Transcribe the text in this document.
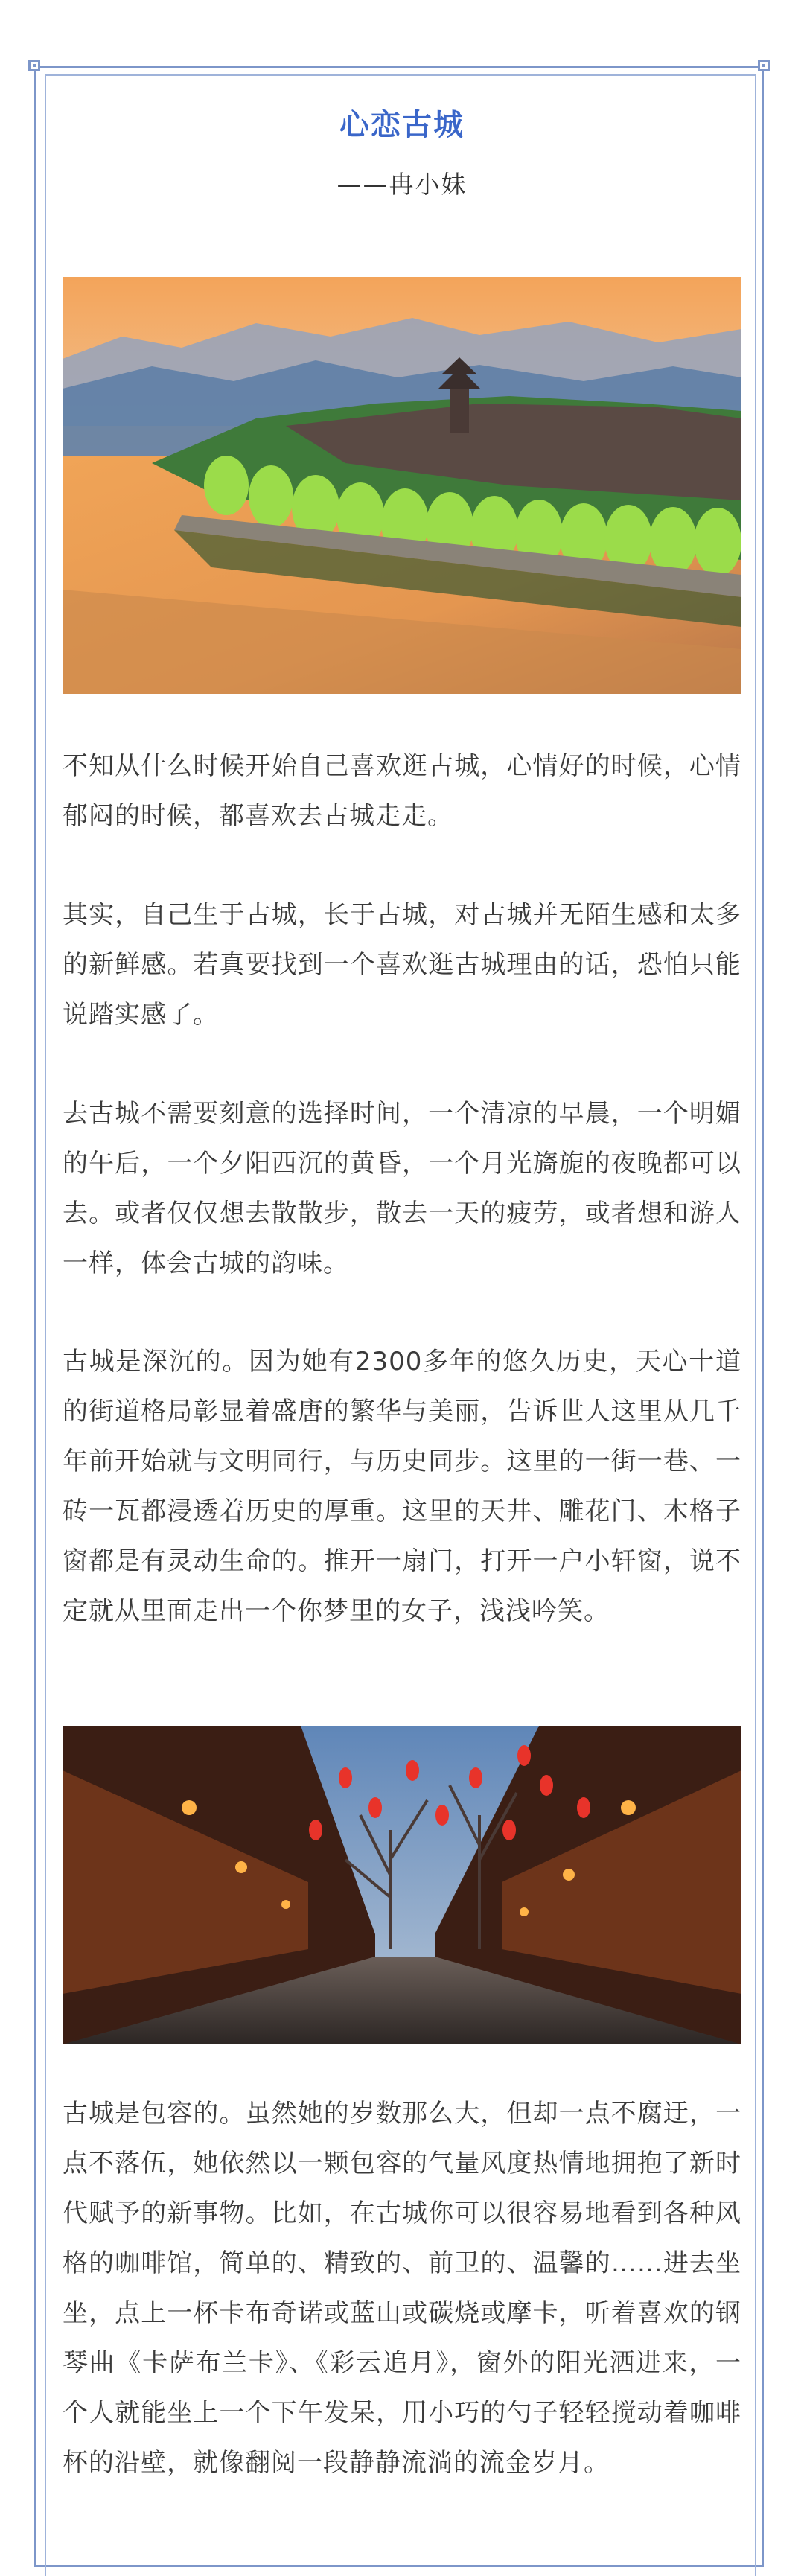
心恋古城
——冉小妹

不知从什么时候开始自己喜欢逛古城，心情好的时候，心情郁闷的时候，都喜欢去古城走走。

其实，自己生于古城，长于古城，对古城并无陌生感和太多的新鲜感。若真要找到一个喜欢逛古城理由的话，恐怕只能说踏实感了。

去古城不需要刻意的选择时间，一个清凉的早晨，一个明媚的午后，一个夕阳西沉的黄昏，一个月光旖旎的夜晚都可以去。或者仅仅想去散散步，散去一天的疲劳，或者想和游人一样，体会古城的韵味。

古城是深沉的。因为她有2300多年的悠久历史，天心十道的街道格局彰显着盛唐的繁华与美丽，告诉世人这里从几千年前开始就与文明同行，与历史同步。这里的一街一巷、一砖一瓦都浸透着历史的厚重。这里的天井、雕花门、木格子窗都是有灵动生命的。推开一扇门，打开一户小轩窗，说不定就从里面走出一个你梦里的女子，浅浅吟笑。

古城是包容的。虽然她的岁数那么大，但却一点不腐迂，一点不落伍，她依然以一颗包容的气量风度热情地拥抱了新时代赋予的新事物。比如，在古城你可以很容易地看到各种风格的咖啡馆，简单的、精致的、前卫的、温馨的……进去坐坐，点上一杯卡布奇诺或蓝山或碳烧或摩卡，听着喜欢的钢琴曲《卡萨布兰卡》、《彩云追月》，窗外的阳光洒进来，一个人就能坐上一个下午发呆，用小巧的勺子轻轻搅动着咖啡杯的沿壁，就像翻阅一段静静流淌的流金岁月。
